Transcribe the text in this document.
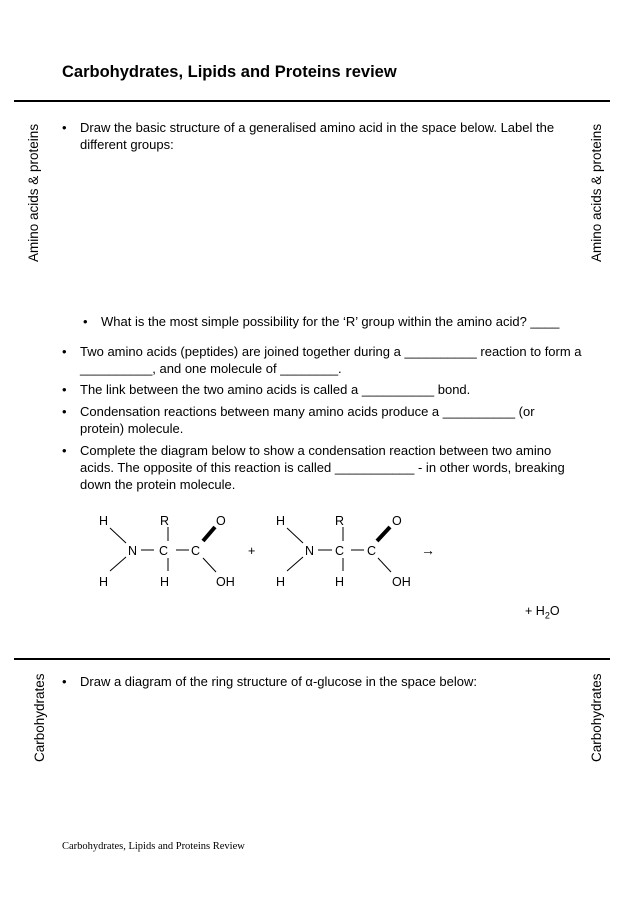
Carbohydrates, Lipids and Proteins review
Amino acids & proteins	Amino acids & proteins
Carbohydrates	Carbohydrates
• Draw the basic structure of a generalised amino acid in the space below. Label the different groups:
• What is the most simple possibility for the ‘R’ group within the amino acid? ____
• Two amino acids (peptides) are joined together during a __________ reaction to form a __________, and one molecule of ________.
• The link between the two amino acids is called a __________ bond.
• Condensation reactions between many amino acids produce a __________ (or protein) molecule.
• Complete the diagram below to show a condensation reaction between two amino acids. The opposite of this reaction is called ___________ - in other words, breaking down the protein molecule.
H	R	O
N C C
H	H	OH
+
H	R	O
N C C
H	H	OH
→
+ $H_2O$
• Draw a diagram of the ring structure of α-glucose in the space below:
Carbohydrates, Lipids and Proteins Review
